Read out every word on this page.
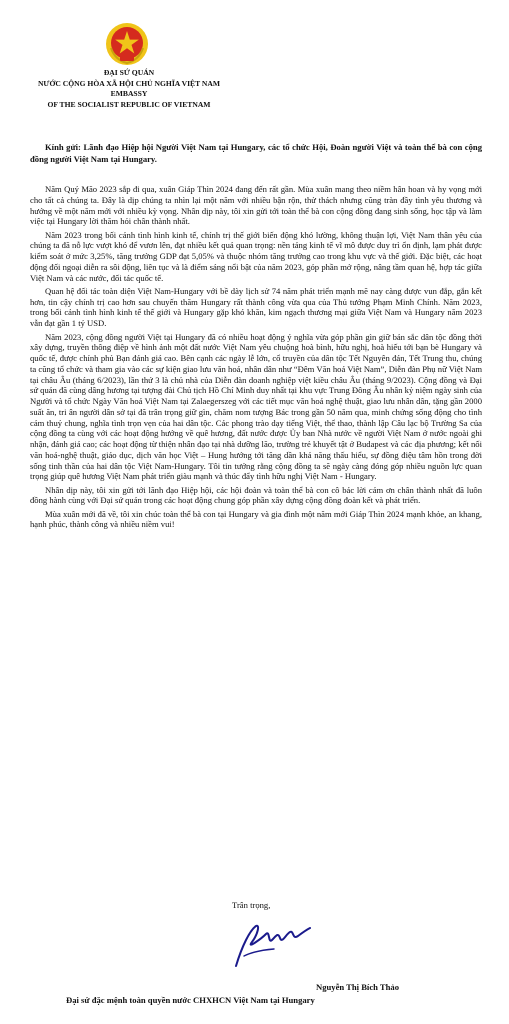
ĐẠI SỨ QUÁN
NƯỚC CỘNG HÒA XÃ HỘI CHỦ NGHĨA VIỆT NAM
EMBASSY
OF THE SOCIALIST REPUBLIC OF VIETNAM
Kính gửi: Lãnh đạo Hiệp hội Người Việt Nam tại Hungary, các tổ chức Hội, Đoàn người Việt và toàn thể bà con cộng đồng người Việt Nam tại Hungary.

Năm Quý Mão 2023 sắp đi qua, xuân Giáp Thìn 2024 đang đến rất gần. Mùa xuân mang theo niềm hân hoan và hy vọng mới cho tất cả chúng ta. Đây là dịp chúng ta nhìn lại một năm với nhiều bận rộn, thử thách nhưng cũng tràn đầy tình yêu thương và hướng về một năm mới với nhiều kỳ vọng. Nhân dịp này, tôi xin gửi tới toàn thể bà con cộng đồng đang sinh sống, học tập và làm việc tại Hungary lời thăm hỏi chân thành nhất.

Năm 2023 trong bối cảnh tình hình kinh tế, chính trị thế giới biến động khó lường, không thuận lợi, Việt Nam thân yêu của chúng ta đã nỗ lực vượt khó để vươn lên, đạt nhiều kết quả quan trọng: nền tảng kinh tế vĩ mô được duy trì ổn định, lạm phát được kiểm soát ở mức 3,25%, tăng trưởng GDP đạt 5,05% và thuộc nhóm tăng trưởng cao trong khu vực và thế giới. Đặc biệt, các hoạt động đối ngoại diễn ra sôi động, liên tục và là điểm sáng nổi bật của năm 2023, góp phần mở rộng, nâng tầm quan hệ, hợp tác giữa Việt Nam và các nước, đối tác quốc tế.

Quan hệ đối tác toàn diện Việt Nam-Hungary với bề dày lịch sử 74 năm phát triển mạnh mẽ nay càng được vun đắp, gắn kết hơn, tin cậy chính trị cao hơn sau chuyến thăm Hungary rất thành công vừa qua của Thủ tướng Phạm Minh Chính. Năm 2023, trong bối cảnh tình hình kinh tế thế giới và Hungary gặp khó khăn, kim ngạch thương mại giữa Việt Nam và Hungary năm 2023 vẫn đạt gần 1 tỷ USD.

Năm 2023, cộng đồng người Việt tại Hungary đã có nhiều hoạt động ý nghĩa vừa góp phần gìn giữ bản sắc dân tộc đồng thời xây dựng, truyền thông điệp về hình ảnh một đất nước Việt Nam yêu chuộng hoà bình, hữu nghị, hoà hiếu tới bạn bè Hungary và quốc tế, được chính phủ Bạn đánh giá cao. Bên cạnh các ngày lễ lớn, cổ truyền của dân tộc Tết Nguyên đán, Tết Trung thu, chúng ta cũng tổ chức và tham gia vào các sự kiện giao lưu văn hoá, nhân dân như “Đêm Văn hoá Việt Nam”, Diễn đàn Phụ nữ Việt Nam tại châu Âu (tháng 6/2023), lần thứ 3 là chủ nhà của Diễn đàn doanh nghiệp việt kiều châu Âu (tháng 9/2023). Cộng đồng và Đại sứ quán đã cùng dâng hương tại tượng đài Chủ tịch Hồ Chí Minh duy nhất tại khu vực Trung Đông Âu nhân kỷ niệm ngày sinh của Người và tổ chức Ngày Văn hoá Việt Nam tại Zalaegerszeg với các tiết mục văn hoá nghệ thuật, giao lưu nhân dân, tặng gần 2000 suất ăn, tri ân người dân sở tại đã trân trọng giữ gìn, chăm nom tượng Bác trong gần 50 năm qua, minh chứng sống động cho tình cảm thuỷ chung, nghĩa tình trọn vẹn của hai dân tộc. Các phong trào dạy tiếng Việt, thể thao, thành lập Câu lạc bộ Trường Sa của cộng đồng ta cùng với các hoạt động hướng về quê hương, đất nước được Ủy ban Nhà nước về người Việt Nam ở nước ngoài ghi nhận, đánh giá cao; các hoạt động từ thiện nhân đạo tại nhà dưỡng lão, trường trẻ khuyết tật ở Budapest và các địa phương; kết nối văn hoá-nghệ thuật, giáo dục, dịch văn học Việt – Hung hướng tới tăng dần khả năng thấu hiểu, sự đồng điệu tâm hồn trong đời sống tinh thần của hai dân tộc Việt Nam-Hungary. Tôi tin tưởng rằng cộng đồng ta sẽ ngày càng đóng góp nhiều nguồn lực quan trọng giúp quê hương Việt Nam phát triển giàu mạnh và thúc đẩy tình hữu nghị Việt Nam - Hungary.

Nhân dịp này, tôi xin gửi tới lãnh đạo Hiệp hội, các hội đoàn và toàn thể bà con cô bác lời cảm ơn chân thành nhất đã luôn đồng hành cùng với Đại sứ quán trong các hoạt động chung góp phần xây dựng cộng đồng đoàn kết và phát triển.

Mùa xuân mới đã về, tôi xin chúc toàn thể bà con tại Hungary và gia đình một năm mới Giáp Thìn 2024 mạnh khỏe, an khang, hạnh phúc, thành công và nhiều niềm vui!

Trân trọng,
Nguyễn Thị Bích Thảo
Đại sứ đặc mệnh toàn quyền nước CHXHCN Việt Nam tại Hungary
